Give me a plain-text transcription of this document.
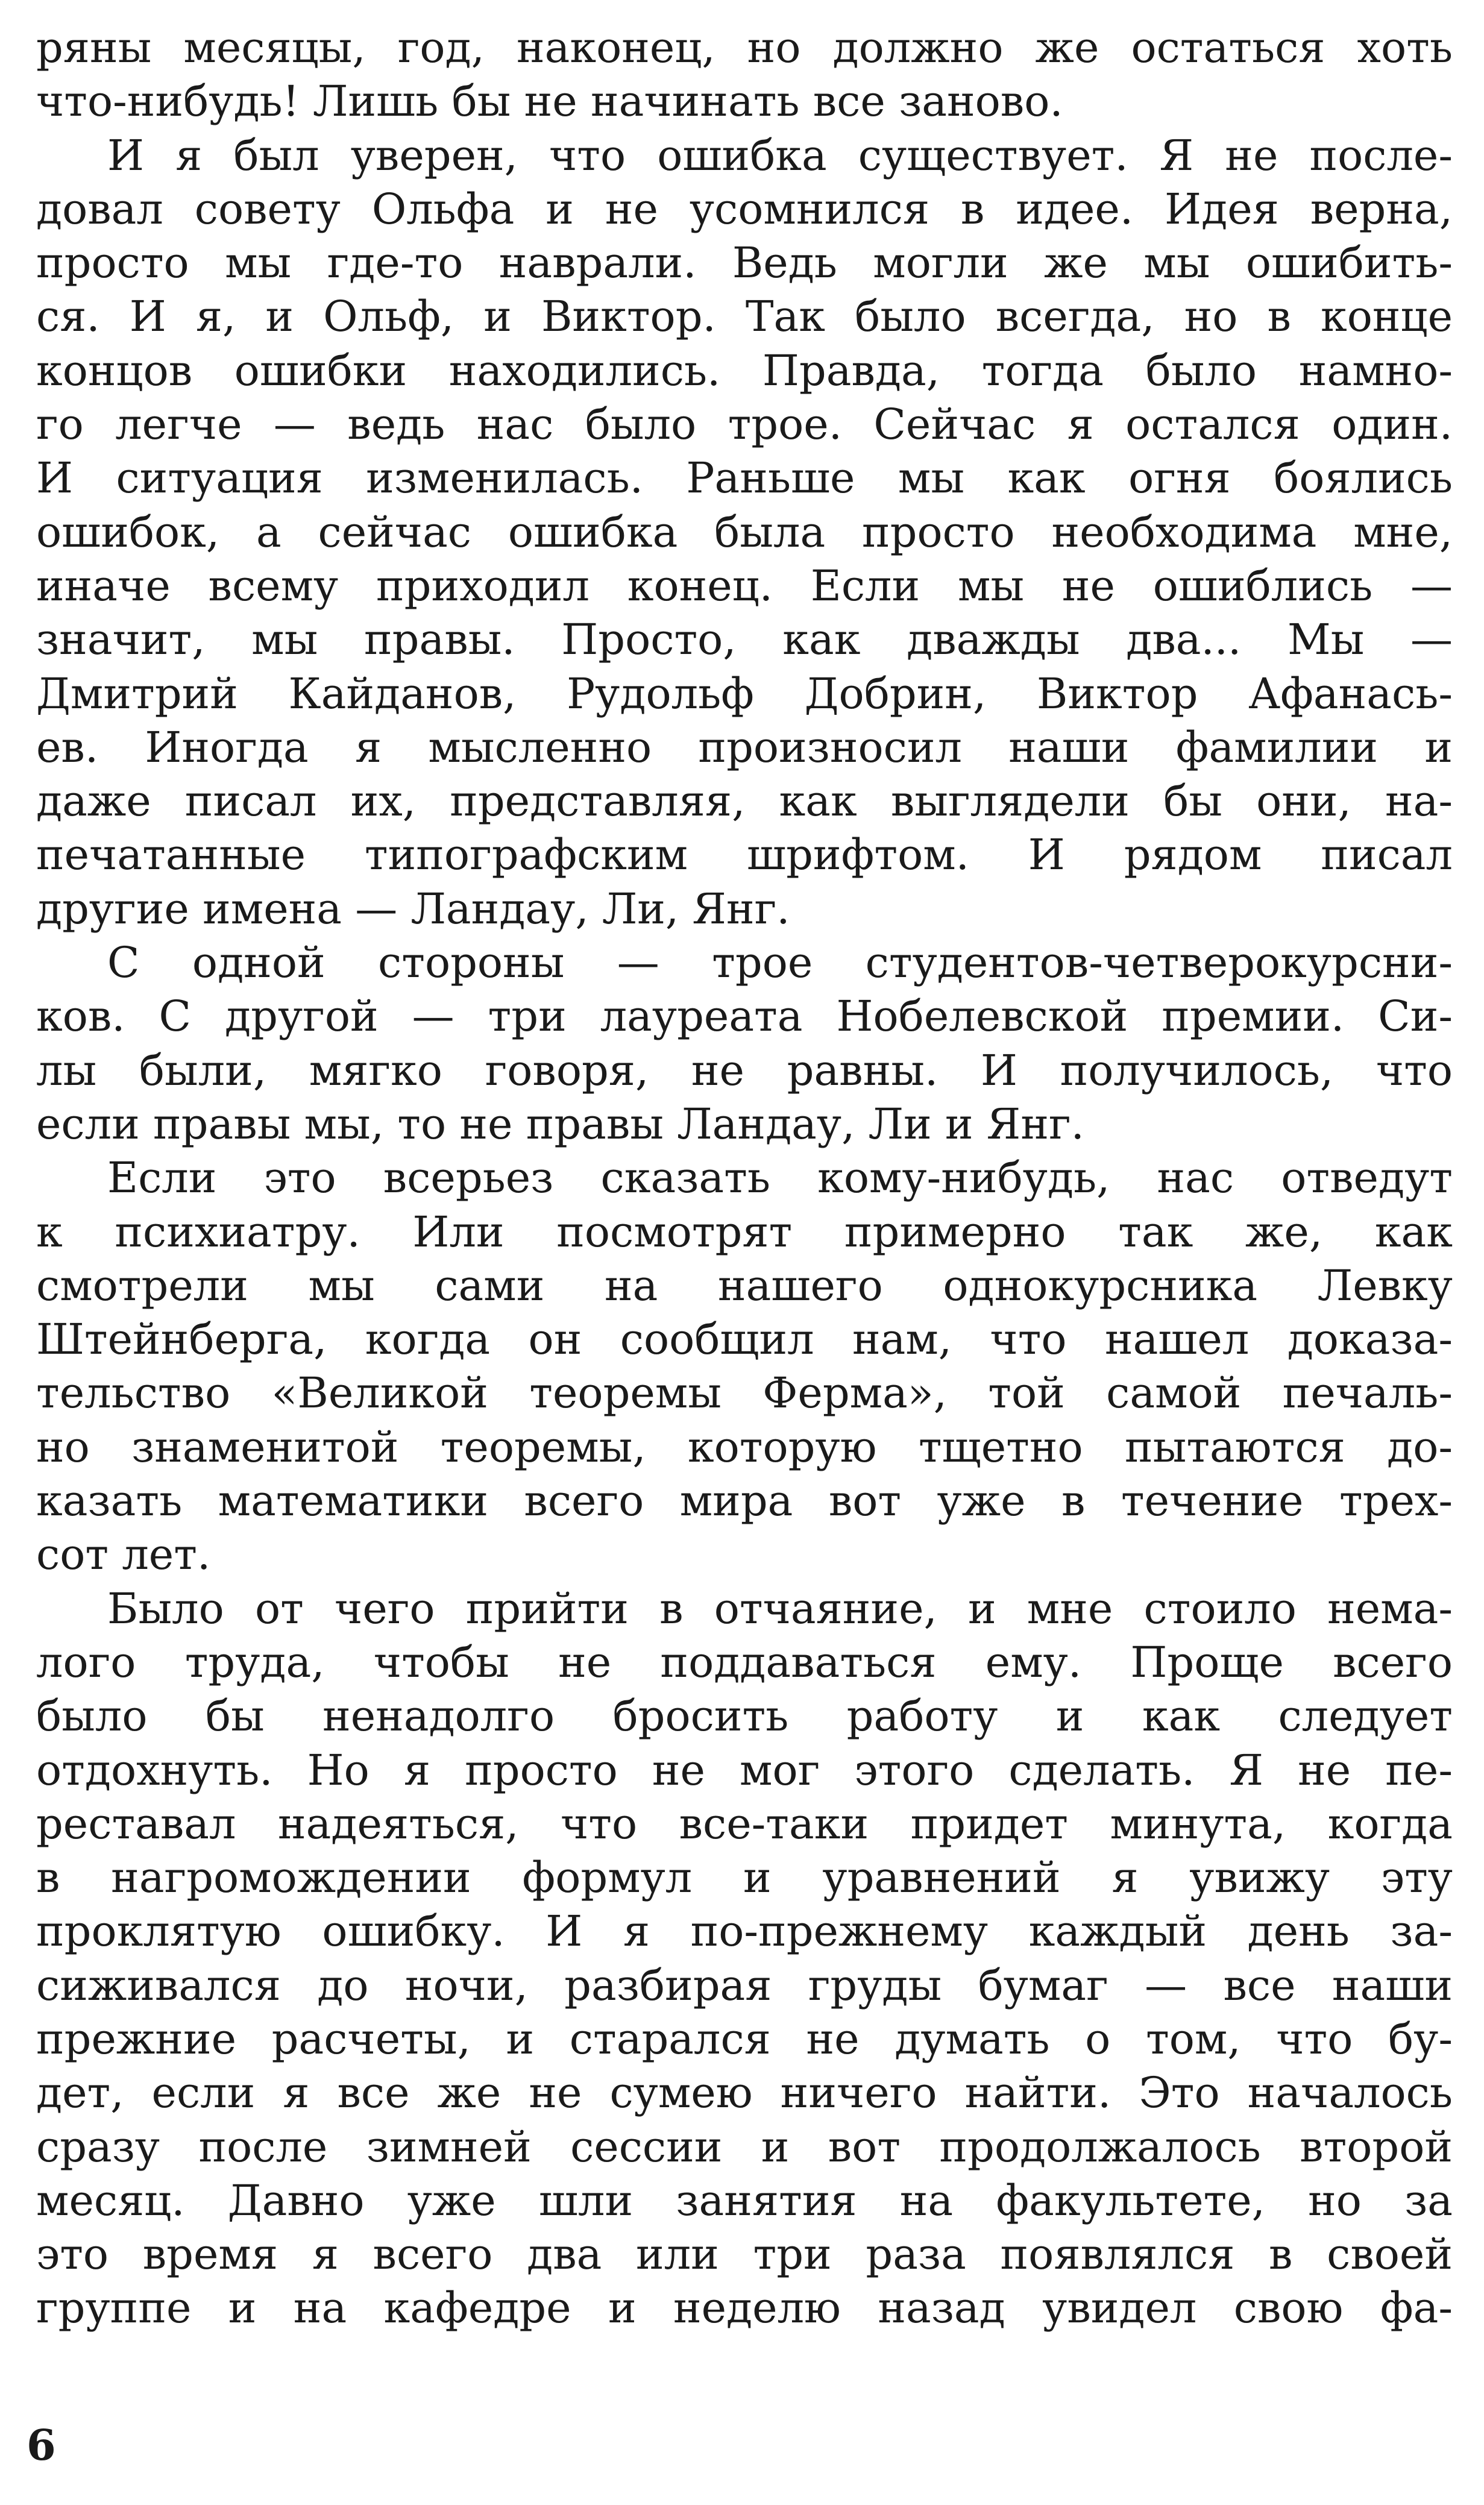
ряны месяцы, год, наконец, но должно же остаться хоть
что-нибудь! Лишь бы не начинать все заново.
И я был уверен, что ошибка существует. Я не после-
довал совету Ольфа и не усомнился в идее. Идея верна,
просто мы где-то наврали. Ведь могли же мы ошибить-
ся. И я, и Ольф, и Виктор. Так было всегда, но в конце
концов ошибки находились. Правда, тогда было намно-
го легче — ведь нас было трое. Сейчас я остался один.
И ситуация изменилась. Раньше мы как огня боялись
ошибок, а сейчас ошибка была просто необходима мне,
иначе всему приходил конец. Если мы не ошиблись —
значит, мы правы. Просто, как дважды два... Мы —
Дмитрий Кайданов, Рудольф Добрин, Виктор Афанась-
ев. Иногда я мысленно произносил наши фамилии и
даже писал их, представляя, как выглядели бы они, на-
печатанные типографским шрифтом. И рядом писал
другие имена — Ландау, Ли, Янг.
С одной стороны — трое студентов-четверокурсни-
ков. С другой — три лауреата Нобелевской премии. Си-
лы были, мягко говоря, не равны. И получилось, что
если правы мы, то не правы Ландау, Ли и Янг.
Если это всерьез сказать кому-нибудь, нас отведут
к психиатру. Или посмотрят примерно так же, как
смотрели мы сами на нашего однокурсника Левку
Штейнберга, когда он сообщил нам, что нашел доказа-
тельство «Великой теоремы Ферма», той самой печаль-
но знаменитой теоремы, которую тщетно пытаются до-
казать математики всего мира вот уже в течение трех-
сот лет.
Было от чего прийти в отчаяние, и мне стоило нема-
лого труда, чтобы не поддаваться ему. Проще всего
было бы ненадолго бросить работу и как следует
отдохнуть. Но я просто не мог этого сделать. Я не пе-
реставал надеяться, что все-таки придет минута, когда
в нагромождении формул и уравнений я увижу эту
проклятую ошибку. И я по-прежнему каждый день за-
сиживался до ночи, разбирая груды бумаг — все наши
прежние расчеты, и старался не думать о том, что бу-
дет, если я все же не сумею ничего найти. Это началось
сразу после зимней сессии и вот продолжалось второй
месяц. Давно уже шли занятия на факультете, но за
это время я всего два или три раза появлялся в своей
группе и на кафедре и неделю назад увидел свою фа-
6
